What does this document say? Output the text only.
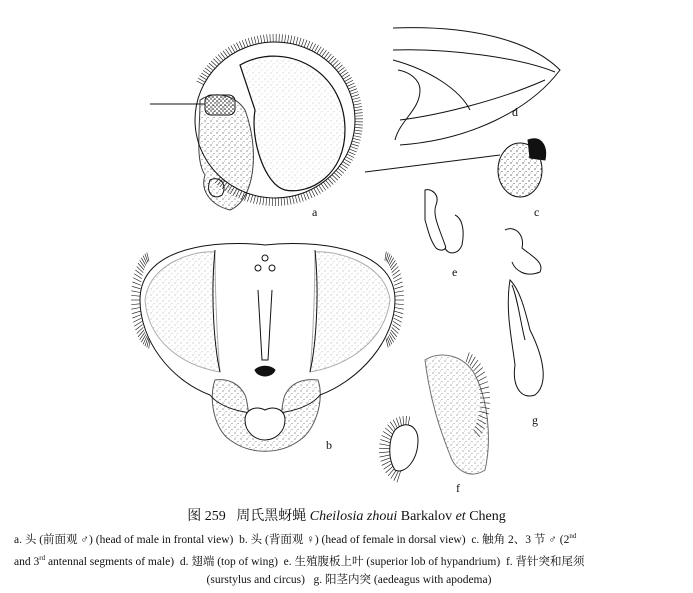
a
b
c
d
e
f
g
图 259 周氏黑蚜蝇 Cheilosia zhoui Barkalov et Cheng
a. 头 (前面观 ♂) (head of male in frontal view) b. 头 (背面观 ♀) (head of female in dorsal view) c. 触角 2、3 节 ♂ (2nd
and 3rd antennal segments of male) d. 翅端 (top of wing) e. 生殖腹板上叶 (superior lob of hypandrium) f. 背针突和尾须
(surstylus and circus) g. 阳茎内突 (aedeagus with apodema)
